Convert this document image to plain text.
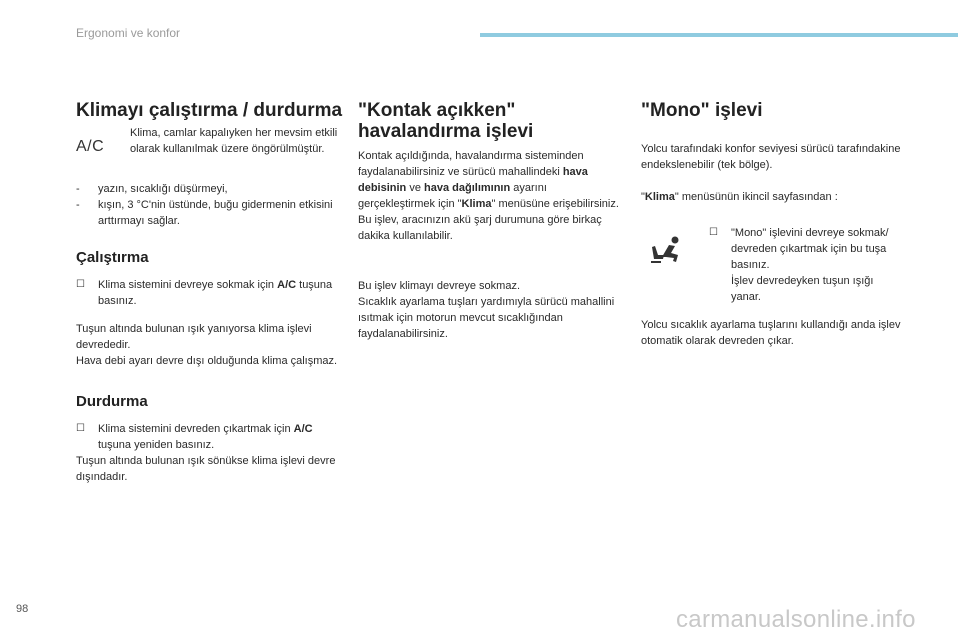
Ergonomi ve konfor
98	carmanualsonline.info
Klimayı çalıştırma / durdurma
A/C
Klima, camlar kapalıyken her mevsim etkili olarak kullanılmak üzere öngörülmüştür.
-	yazın, sıcaklığı düşürmeyi,
-	kışın, 3 °C'nin üstünde, buğu gidermenin etkisini arttırmayı sağlar.
Çalıştırma
☐	Klima sistemini devreye sokmak için A/C tuşuna basınız.

Tuşun altında bulunan ışık yanıyorsa klima işlevi devrededir.

Hava debi ayarı devre dışı olduğunda klima çalışmaz.

Durdurma
☐	Klima sistemini devreden çıkartmak için A/C tuşuna yeniden basınız.

Tuşun altında bulunan ışık sönükse klima işlevi devre dışındadır.

"Kontak açıkken" havalandırma işlevi

Kontak açıldığında, havalandırma sisteminden faydalanabilirsiniz ve sürücü mahallindeki hava debisinin ve hava dağılımının ayarını gerçekleştirmek için "Klima" menüsüne erişebilirsiniz.

Bu işlev, aracınızın akü şarj durumuna göre birkaç dakika kullanılabilir.

Bu işlev klimayı devreye sokmaz.

Sıcaklık ayarlama tuşları yardımıyla sürücü mahallini ısıtmak için motorun mevcut sıcaklığından faydalanabilirsiniz.

"Mono" işlevi

Yolcu tarafındaki konfor seviyesi sürücü tarafındakine endekslenebilir (tek bölge).

"Klima" menüsünün ikincil sayfasından :

☐	"Mono" işlevini devreye sokmak/ devreden çıkartmak için bu tuşa basınız.
İşlev devredeyken tuşun ışığı yanar.

Yolcu sıcaklık ayarlama tuşlarını kullandığı anda işlev otomatik olarak devreden çıkar.
